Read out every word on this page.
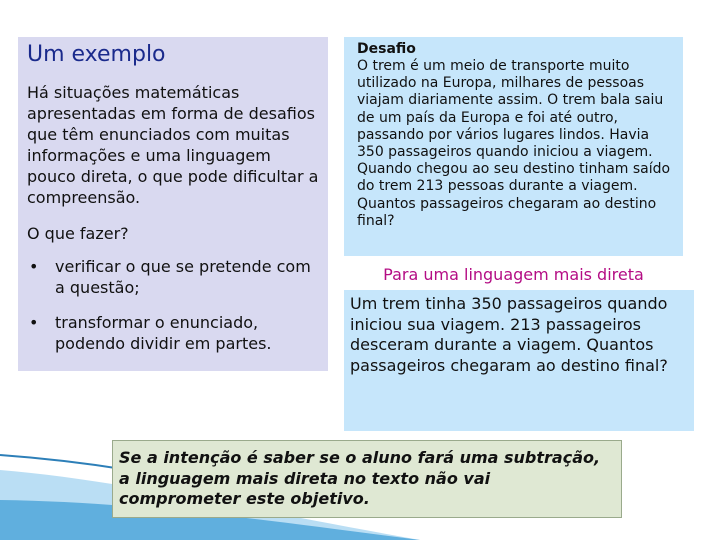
Um exemplo
Há situações matemáticas apresentadas em forma de desafios que têm enunciados com muitas informações e uma linguagem pouco direta, o que pode dificultar a compreensão.
O que fazer?
• verificar o que se pretende com a questão;
• transformar o enunciado, podendo dividir em partes.
Desafio
O trem é um meio de transporte muito utilizado na Europa, milhares de pessoas viajam diariamente assim. O trem bala saiu de um país da Europa e foi até outro, passando por vários lugares lindos. Havia 350 passageiros quando iniciou a viagem. Quando chegou ao seu destino tinham saído do trem 213 pessoas durante a viagem. Quantos passageiros chegaram ao destino final?
Para uma linguagem mais direta
Um trem tinha 350 passageiros quando iniciou sua viagem. 213 passageiros desceram durante a viagem. Quantos passageiros chegaram ao destino final?
Se a intenção é saber se o aluno fará uma subtração, a linguagem mais direta no texto não vai comprometer este objetivo.
